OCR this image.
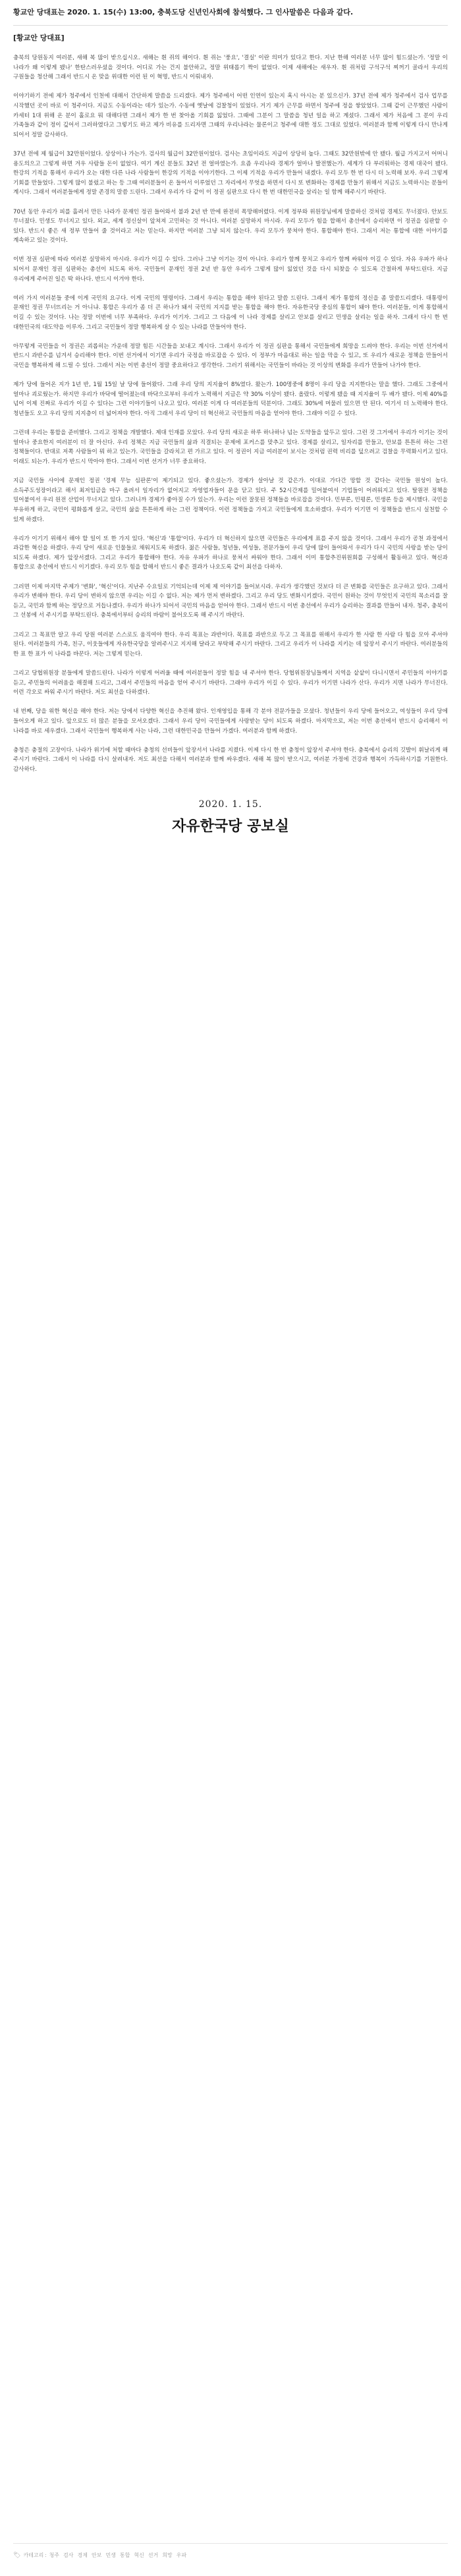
황교안 당대표는 2020. 1. 15(수) 13:00, 충북도당 신년인사회에 참석했다. 그 인사말씀은 다음과 같다.

[황교안 당대표]

충북의 당원동지 여러분, 새해 복 많이 받으십시오. 새해는 흰 쥐의 해이다. 흰 쥐는 '풍요', '결실' 이란 의미가 있다고 한다. 지난 한해 여러분 너무 많이 힘드셨는가. '정말 이 나라가 왜 이렇게 됐나' 한탄스러우셨을 것이다. 어디로 가는 건지 불안하고, 정말 위태롭기 짝이 없었다. 이제 새해에는 새우자. 흰 쥐처럼 구석구석 찌꺼기 골라서 우리의 구원들을 청산해 그래서 반드시 온 맞을 위대한 이런 된 이 혁명, 반드시 이뤄내자.

이야기하기 전에 제가 청주에서 인천에 대해서 간단하게 말씀을 드리겠다. 제가 청주에서 어떤 인연이 있는지 혹시 아시는 분 있으신가. 37년 전에 제가 청주에서 검사 업무를 시작했던 곳이 바로 이 청주이다. 지금도 수동이라는 데가 있는가. 수동에 옛날에 검찰청이 있었다. 거기 제가 근무를 하면서 청주에 정을 쌓았었다. 그때 같이 근무했던 사람이 카세터 1대 위해 온 분이 홀로요 뭐 대해다면 그래서 제가 한 번 찾아올 기회를 잃었다. 그때에 그분이 그 말씀을 청년 일을 하고 계셨다. 그래서 제가 처음에 그 분이 우리 가족들과 같이 정이 깊어서 그러하였다고 그렇기도 하고 제가 비유를 드리자면 그때의 우리나라는 물론이고 청주에 대한 정도 그대로 있었다. 여러분과 함께 이렇게 다시 만나게 되어서 정말 감사하다.

37년 전에 제 월급이 32만원이었다. 상상이나 가는가. 검사의 월급이 32만원이었다. 검사는 초임이라도 지급이 상당히 높다. 그때도 32만원밖에 안 됐다. 월급 가지고서 어머니 용도의으고 그렇게 하면 겨우 사람들 돈이 없었다. 여기 계신 분들도 32년 전 얼마였는가. 요즘 우리나라 경제가 얼마나 발전했는가. 세계가 다 부러워하는 경제 대국이 됐다. 한강의 기적을 통해서 우리가 오는 대한 다른 나라 사람들이 한강의 기적을 이야기한다. 그 이제 기적을 우리가 만들어 내겠다. 우리 모두 한 번 다시 더 노력해 보자. 우리 그렇게 기회를 만들었다. 그렇게 많이 불렀고 하는 등 그때 여러분들이 온 들어서 이루었던 그 자리에서 무엇을 하면서 다시 또 변화하는 경제를 만들기 위해서 지금도 노력하시는 분들이 계시다. 그래서 여러분들에게 정말 존경의 말씀 드린다. 그래서 우리가 다 같이 이 정권 심판으로 다시 한 번 대한민국을 살리는 일 함께 해주시기 바란다.

70년 동안 우리가 피를 흘려서 만든 나라가 문재인 정권 들어와서 불과 2년 반 만에 완전히 폭망해버렸다. 이게 정부와 위원장님에게 말씀하신 것처럼 경제도 무너졌다. 안보도 무너졌다. 민생도 무너지고 있다. 외교, 세계 정신살이 앞쳐져 고민하는 것 아니다. 여러분 실망하지 마시라. 우리 모두가 힘을 합해서 총선에서 승리하면 이 정권을 심판할 수 있다. 반드시 좋은 새 정부 만들어 줄 것이라고 저는 믿는다. 하지만 여러분 그냥 되지 않는다. 우리 모두가 뭉쳐야 한다. 통합해야 한다. 그래서 저는 통합에 대한 이야기를 계속하고 있는 것이다.

이번 정권 심판에 따라 여러분 실망하지 마시라. 우리가 이길 수 있다. 그러나 그냥 이기는 것이 아니다. 우리가 함께 뭉치고 우리가 함께 싸워야 이길 수 있다. 자유 우파가 하나 되어서 문재인 정권 심판하는 총선이 되도록 하자. 국민들이 문재인 정권 2년 반 동안 우리가 그렇게 많이 잃었던 것을 다시 되찾을 수 있도록 간절하게 부탁드린다. 지금 우리에게 주어진 일은 딱 하나다. 반드시 이겨야 한다.

여러 가지 여러분들 중에 이게 국민의 요구다. 이게 국민의 명령이다. 그래서 우리는 통합을 해야 된다고 말씀 드린다. 그래서 제가 통합의 정신을 좀 말씀드리겠다. 대통령이 문재인 정권 무너뜨리는 거 아니냐. 통합은 우리가 좀 더 큰 하나가 돼서 국민의 지지를 받는 통합을 해야 한다. 자유한국당 중심의 통합이 돼야 한다. 여러분들, 이게 통합해서 이길 수 있는 것이다. 나는 정말 이번에 너무 부족하다. 우리가 이기자. 그리고 그 다음에 이 나라 경제를 살리고 안보를 살리고 민생을 살리는 일을 하자. 그래서 다시 한 번 대한민국의 대도약을 이루자. 그리고 국민들이 정말 행복하게 살 수 있는 나라를 만들어야 한다.

아무렇게 국민들을 이 정권은 괴롭히는 가운데 정말 힘든 시간들을 보내고 계시다. 그래서 우리가 이 정권 심판을 통해서 국민들에게 희망을 드려야 한다. 우리는 이번 선거에서 반드시 과반수를 넘겨서 승리해야 한다. 이번 선거에서 이기면 우리가 국정을 바로잡을 수 있다. 이 정부가 마음대로 하는 일을 막을 수 있고, 또 우리가 새로운 정책을 만들어서 국민을 행복하게 해 드릴 수 있다. 그래서 저는 이번 총선이 정말 중요하다고 생각한다. 그러기 위해서는 국민들이 바라는 것 이상의 변화를 우리가 만들어 나가야 한다.

제가 당에 들어온 지가 1년 반, 1월 15일 날 당에 들어왔다. 그래 우리 당의 지지율이 8%였다. 왔는가. 100명중에 8명이 우리 당을 지지한다는 말을 했다. 그래도 그중에서 얼마나 괴로웠는가. 하지만 우리가 바닥에 떨어졌는데 바닥으로부터 우리가 노력해서 지금은 약 30% 이상이 됐다. 올랐다. 이렇게 됐을 때 지지율이 두 배가 됐다. 이제 40%를 넘어 이제 진짜로 우리가 이길 수 있다는 그런 이야기들이 나오고 있다. 여러분 이게 다 여러분들의 덕분이다. 그래도 30%에 머물러 있으면 안 된다. 여기서 더 노력해야 한다. 청년들도 오고 우리 당의 지지층이 더 넓어져야 한다. 아직 그래서 우리 당이 더 혁신하고 국민들의 마음을 얻어야 한다. 그래야 이길 수 있다.

그런데 우리는 통합을 준비했다. 그리고 정책을 개발했다. 제대 인재를 모았다. 우리 당의 새로운 하루 하나하나 넘는 도약들을 앞두고 있다. 그런 것 그거에서 우리가 이기는 것이 얼마나 중요한지 여러분이 더 잘 아신다. 우리 정책은 지금 국민들의 삶과 직결되는 문제에 포커스를 맞추고 있다. 경제를 살리고, 일자리를 만들고, 안보를 튼튼히 하는 그런 정책들이다. 반대로 저쪽 사람들이 뭐 하고 있는가. 국민들을 갈라치고 편 가르고 있다. 이 정권이 지금 여러분이 보시는 것처럼 권력 비리를 덮으려고 검찰을 무력화시키고 있다. 이래도 되는가. 우리가 반드시 막아야 한다. 그래서 이번 선거가 너무 중요하다.

지금 국민들 사이에 문재인 정권 '경제 무능 심판론'이 제기되고 있다. 좋으셨는가. 경제가 살아날 것 같은가. 이대로 가다간 망할 것 같다는 국민들 원성이 높다. 소득주도성장이라고 해서 최저임금을 마구 올려서 일자리가 없어지고 자영업자들이 문을 닫고 있다. 주 52시간제를 밀어붙여서 기업들이 어려워지고 있다. 탈원전 정책을 밀어붙여서 우리 원전 산업이 무너지고 있다. 그러니까 경제가 좋아질 수가 있는가. 우리는 이런 잘못된 정책들을 바로잡을 것이다. 민부론, 민평론, 민생론 등을 제시했다. 국민을 부유하게 하고, 국민이 평화롭게 살고, 국민의 삶을 튼튼하게 하는 그런 정책이다. 이런 정책들을 가지고 국민들에게 호소하겠다. 우리가 이기면 이 정책들을 반드시 실천할 수 있게 하겠다.

우리가 이기기 위해서 해야 할 일이 또 한 가지 있다. '혁신'과 '통합'이다. 우리가 더 혁신하지 않으면 국민들은 우리에게 표를 주지 않을 것이다. 그래서 우리가 공천 과정에서 과감한 혁신을 하겠다. 우리 당이 새로운 인물들로 채워지도록 하겠다. 젊은 사람들, 청년들, 여성들, 전문가들이 우리 당에 많이 들어와서 우리가 다시 국민의 사랑을 받는 당이 되도록 하겠다. 제가 앞장서겠다. 그리고 우리가 통합해야 한다. 자유 우파가 하나로 뭉쳐서 싸워야 한다. 그래서 이미 통합추진위원회를 구성해서 활동하고 있다. 혁신과 통합으로 총선에서 반드시 이기겠다. 우리 모두 힘을 합해서 반드시 좋은 결과가 나오도록 같이 최선을 다하자.

그러면 이제 마지막 주제가 '변화', '혁신'이다. 지난주 수요일로 기억되는데 이제 제 이야기를 들어보시라. 우리가 생각했던 것보다 더 큰 변화를 국민들은 요구하고 있다. 그래서 우리가 변해야 한다. 우리 당이 변하지 않으면 우리는 이길 수 없다. 저는 제가 먼저 변하겠다. 그리고 우리 당도 변화시키겠다. 국민이 원하는 것이 무엇인지 국민의 목소리를 잘 듣고, 국민과 함께 하는 정당으로 거듭나겠다. 우리가 하나가 되어서 국민의 마음을 얻어야 한다. 그래서 반드시 이번 총선에서 우리가 승리하는 결과를 만들어 내자. 청주, 충북이 그 선봉에 서 주시기를 부탁드린다. 충북에서부터 승리의 바람이 불어오도록 해 주시기 바란다.

그리고 그 목표만 알고 우리 당원 여러분 스스로도 움직여야 한다. 우리 목표는 과반이다. 목표를 과반으로 두고 그 목표를 위해서 우리가 한 사람 한 사람 다 힘을 모아 주셔야 된다. 여러분들의 가족, 친구, 이웃들에게 자유한국당을 알려주시고 지지해 달라고 부탁해 주시기 바란다. 그리고 우리가 이 나라를 지키는 데 앞장서 주시기 바란다. 여러분들의 한 표 한 표가 이 나라를 바꾼다. 저는 그렇게 믿는다.

그리고 당협위원장 분들에게 말씀드린다. 나라가 이렇게 어려울 때에 여러분들이 정말 힘을 내 주셔야 한다. 당협위원장님들께서 지역을 샅샅이 다니시면서 주민들의 이야기를 듣고, 주민들의 어려움을 해결해 드리고, 그래서 주민들의 마음을 얻어 주시기 바란다. 그래야 우리가 이길 수 있다. 우리가 이기면 나라가 산다. 우리가 지면 나라가 무너진다. 이런 각오로 싸워 주시기 바란다. 저도 최선을 다하겠다.

내 번째, 당을 위한 혁신을 해야 한다. 저는 당에서 다양한 혁신을 추진해 왔다. 인재영입을 통해 각 분야 전문가들을 모셨다. 청년들이 우리 당에 들어오고, 여성들이 우리 당에 들어오게 하고 있다. 앞으로도 더 많은 분들을 모셔오겠다. 그래서 우리 당이 국민들에게 사랑받는 당이 되도록 하겠다. 마지막으로, 저는 이번 총선에서 반드시 승리해서 이 나라를 바로 세우겠다. 그래서 국민들이 행복하게 사는 나라, 그런 대한민국을 만들어 가겠다. 여러분과 함께 하겠다.

충청은 충절의 고장이다. 나라가 위기에 처할 때마다 충청의 선비들이 앞장서서 나라를 지켰다. 이제 다시 한 번 충청이 앞장서 주셔야 한다. 충북에서 승리의 깃발이 휘날리게 해 주시기 바란다. 그래서 이 나라를 다시 살려내자. 저도 최선을 다해서 여러분과 함께 싸우겠다. 새해 복 많이 받으시고, 여러분 가정에 건강과 행복이 가득하시기를 기원한다. 감사하다.

2020. 1. 15.
자유한국당 공보실
🏷 카테고리 : 청주 검사 경제 안보 민생 통합 혁신 선거 희망 우파
